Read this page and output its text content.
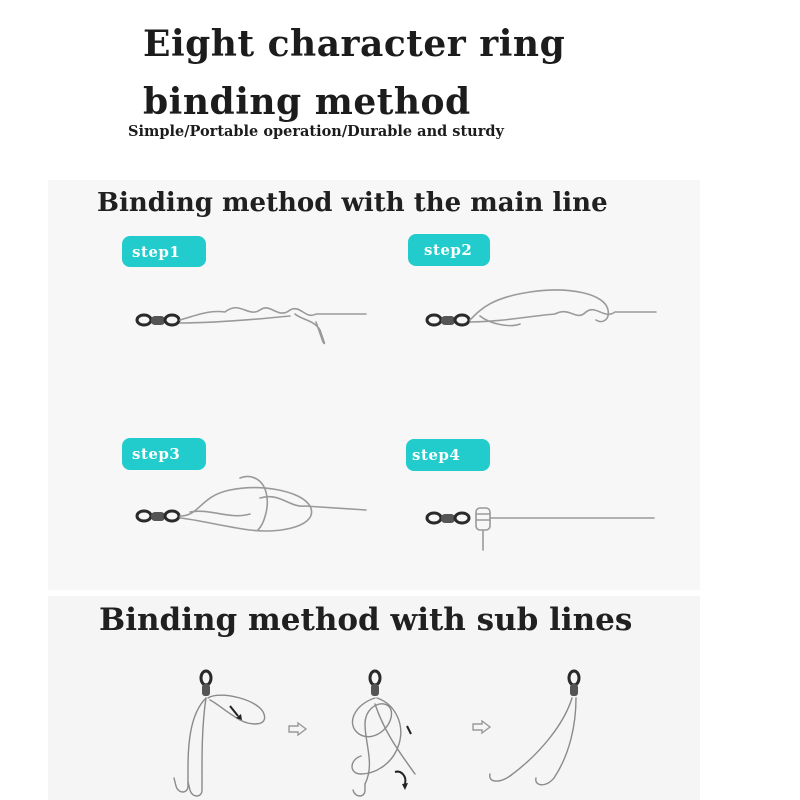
Eight character ring
binding method
Simple/Portable operation/Durable and sturdy
Binding method with the main line
step1	step2
step3	step4
Binding method with sub lines
